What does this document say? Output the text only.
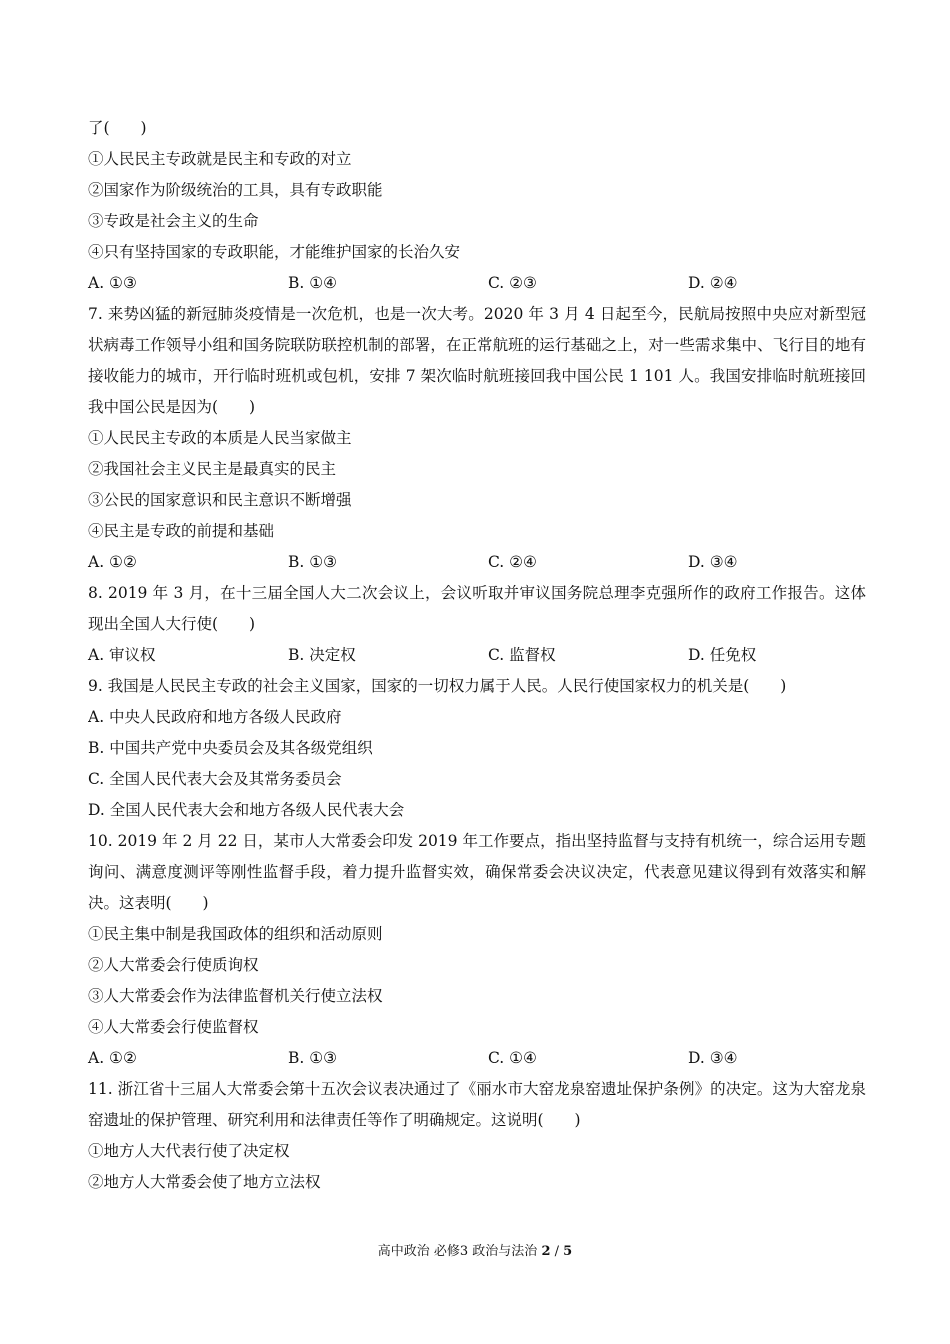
了(　　)
①人民民主专政就是民主和专政的对立
②国家作为阶级统治的工具，具有专政职能
③专政是社会主义的生命
④只有坚持国家的专政职能，才能维护国家的长治久安
A. ①③	B. ①④	C. ②③	D. ②④
7. 来势凶猛的新冠肺炎疫情是一次危机，也是一次大考。2020 年 3 月 4 日起至今，民航局按照中央应对新型冠状病毒工作领导小组和国务院联防联控机制的部署，在正常航班的运行基础之上，对一些需求集中、飞行目的地有接收能力的城市，开行临时班机或包机，安排 7 架次临时航班接回我中国公民 1 101 人。我国安排临时航班接回我中国公民是因为(　　)
①人民民主专政的本质是人民当家做主
②我国社会主义民主是最真实的民主
③公民的国家意识和民主意识不断增强
④民主是专政的前提和基础
A. ①②	B. ①③	C. ②④	D. ③④
8. 2019 年 3 月，在十三届全国人大二次会议上，会议听取并审议国务院总理李克强所作的政府工作报告。这体现出全国人大行使(　　)
A. 审议权	B. 决定权	C. 监督权	D. 任免权
9. 我国是人民民主专政的社会主义国家，国家的一切权力属于人民。人民行使国家权力的机关是(　　)
A. 中央人民政府和地方各级人民政府
B. 中国共产党中央委员会及其各级党组织
C. 全国人民代表大会及其常务委员会
D. 全国人民代表大会和地方各级人民代表大会
10. 2019 年 2 月 22 日，某市人大常委会印发 2019 年工作要点，指出坚持监督与支持有机统一，综合运用专题询问、满意度测评等刚性监督手段，着力提升监督实效，确保常委会决议决定，代表意见建议得到有效落实和解决。这表明(　　)
①民主集中制是我国政体的组织和活动原则
②人大常委会行使质询权
③人大常委会作为法律监督机关行使立法权
④人大常委会行使监督权
A. ①②	B. ①③	C. ①④	D. ③④
11. 浙江省十三届人大常委会第十五次会议表决通过了《丽水市大窑龙泉窑遗址保护条例》的决定。这为大窑龙泉窑遗址的保护管理、研究利用和法律责任等作了明确规定。这说明(　　)
①地方人大代表行使了决定权
②地方人大常委会使了地方立法权
高中政治 必修3 政治与法治 2 / 5
